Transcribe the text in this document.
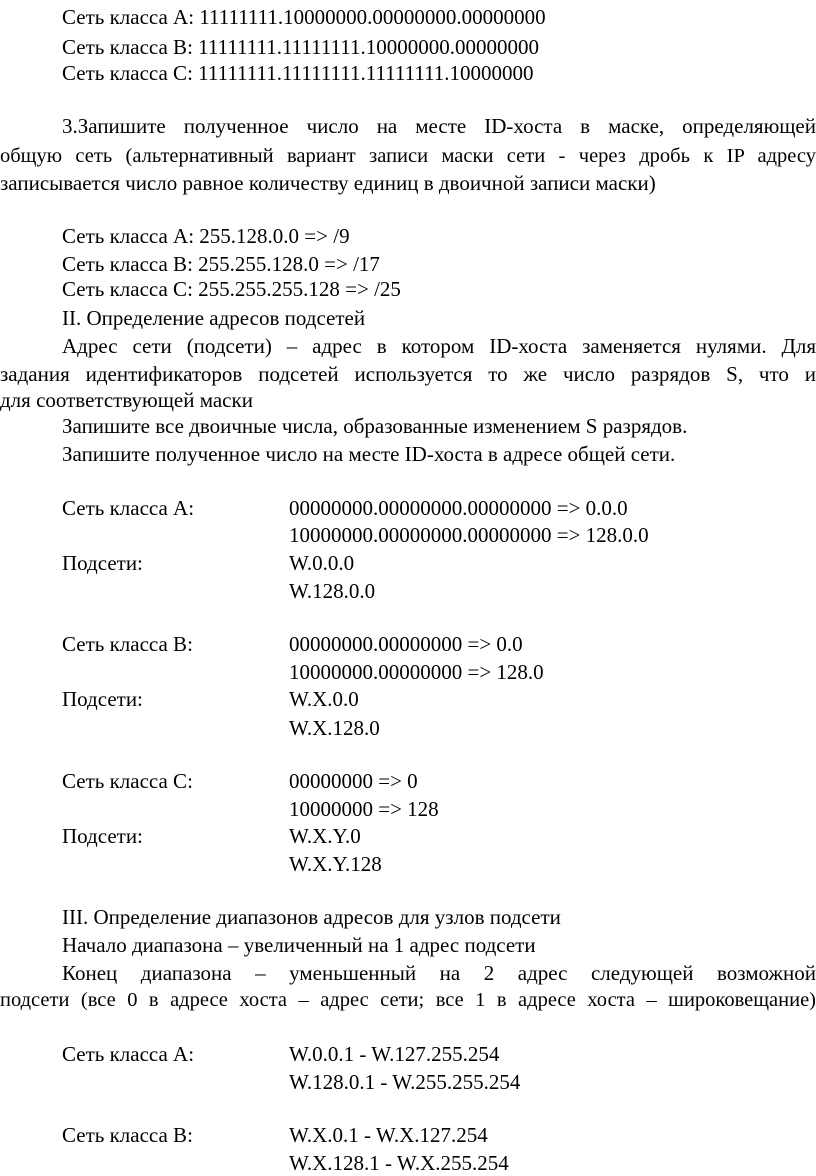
Сеть класса А: 11111111.10000000.00000000.00000000
Сеть класса В: 11111111.11111111.10000000.00000000
Сеть класса С: 11111111.11111111.11111111.10000000
3.Запишите полученное число на месте ID-хоста в маске, определяющей
общую сеть (альтернативный вариант записи маски сети - через дробь к IP адресу
записывается число равное количеству единиц в двоичной записи маски)
Сеть класса А: 255.128.0.0 => /9
Сеть класса В: 255.255.128.0 => /17
Сеть класса С: 255.255.255.128 => /25
II. Определение адресов подсетей
Адрес сети (подсети) – адрес в котором ID-хоста заменяется нулями. Для
задания идентификаторов подсетей используется то же число разрядов S, что и
для соответствующей маски
Запишите все двоичные числа, образованные изменением S разрядов.
Запишите полученное число на месте ID-хоста в адресе общей сети.
Сеть класса А:	00000000.00000000.00000000 => 0.0.0
10000000.00000000.00000000 => 128.0.0
Подсети:	W.0.0.0
W.128.0.0
Сеть класса В:	00000000.00000000 => 0.0
10000000.00000000 => 128.0
Подсети:	W.X.0.0
W.X.128.0
Сеть класса С:	00000000 => 0
10000000 => 128
Подсети:	W.X.Y.0
W.X.Y.128
III. Определение диапазонов адресов для узлов подсети
Начало диапазона – увеличенный на 1 адрес подсети
Конец диапазона – уменьшенный на 2 адрес следующей возможной
подсети (все 0 в адресе хоста – адрес сети; все 1 в адресе хоста – широковещание)
Сеть класса А:	W.0.0.1 - W.127.255.254
W.128.0.1 - W.255.255.254
Сеть класса В:	W.X.0.1 - W.X.127.254
W.X.128.1 - W.X.255.254
